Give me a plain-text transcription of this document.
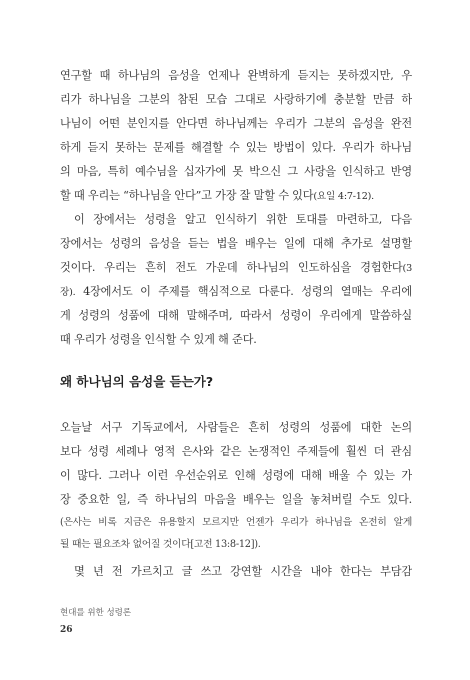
연구할 때 하나님의 음성을 언제나 완벽하게 듣지는 못하겠지만, 우
리가 하나님을 그분의 참된 모습 그대로 사랑하기에 충분할 만큼 하
나님이 어떤 분인지를 안다면 하나님께는 우리가 그분의 음성을 완전
하게 듣지 못하는 문제를 해결할 수 있는 방법이 있다. 우리가 하나님
의 마음, 특히 예수님을 십자가에 못 박으신 그 사랑을 인식하고 반영
할 때 우리는 “하나님을 안다”고 가장 잘 말할 수 있다(요일 4:7-12).
이 장에서는 성령을 알고 인식하기 위한 토대를 마련하고, 다음
장에서는 성령의 음성을 듣는 법을 배우는 일에 대해 추가로 설명할
것이다. 우리는 흔히 전도 가운데 하나님의 인도하심을 경험한다(3
장). 4장에서도 이 주제를 핵심적으로 다룬다. 성령의 열매는 우리에
게 성령의 성품에 대해 말해주며, 따라서 성령이 우리에게 말씀하실
때 우리가 성령을 인식할 수 있게 해 준다.
왜 하나님의 음성을 듣는가?
오늘날 서구 기독교에서, 사람들은 흔히 성령의 성품에 대한 논의
보다 성령 세례나 영적 은사와 같은 논쟁적인 주제들에 훨씬 더 관심
이 많다. 그러나 이런 우선순위로 인해 성령에 대해 배울 수 있는 가
장 중요한 일, 즉 하나님의 마음을 배우는 일을 놓쳐버릴 수도 있다.
(은사는 비록 지금은 유용할지 모르지만 언젠가 우리가 하나님을 온전히 알게
될 때는 필요조차 없어질 것이다[고전 13:8-12]).
몇 년 전 가르치고 글 쓰고 강연할 시간을 내야 한다는 부담감
현대를 위한 성령론
26
